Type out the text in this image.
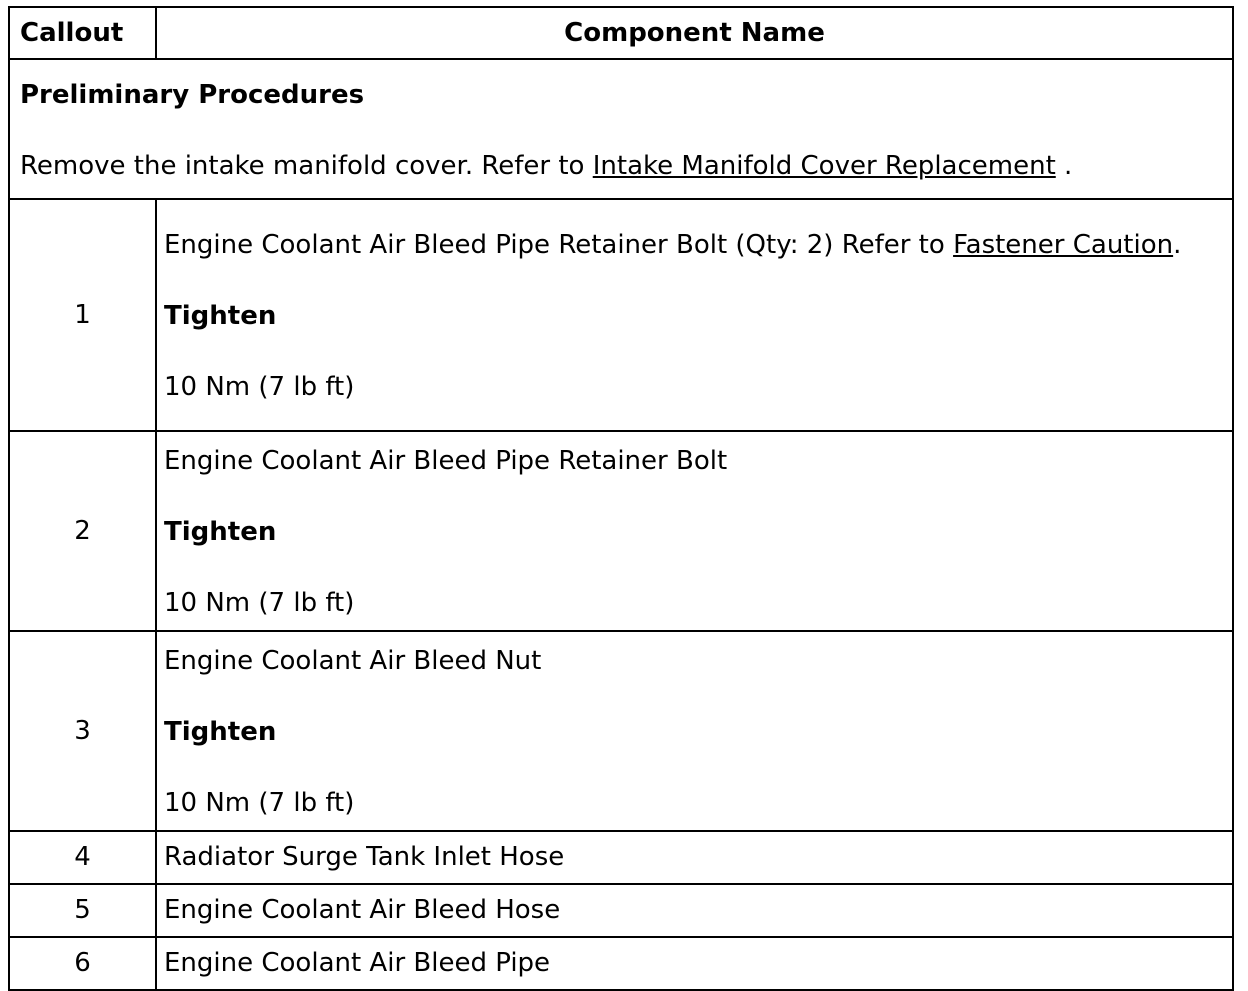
Callout	Component Name

Preliminary Procedures
Remove the intake manifold cover. Refer to Intake Manifold Cover Replacement .	
1	Engine Coolant Air Bleed Pipe Retainer Bolt (Qty: 2) Refer to Fastener Caution.
Tighten
10 Nm (7 lb ft)

2	Engine Coolant Air Bleed Pipe Retainer Bolt
Tighten
10 Nm (7 lb ft)

3	Engine Coolant Air Bleed Nut
Tighten
10 Nm (7 lb ft)

4	Radiator Surge Tank Inlet Hose
5	Engine Coolant Air Bleed Hose
6	Engine Coolant Air Bleed Pipe
